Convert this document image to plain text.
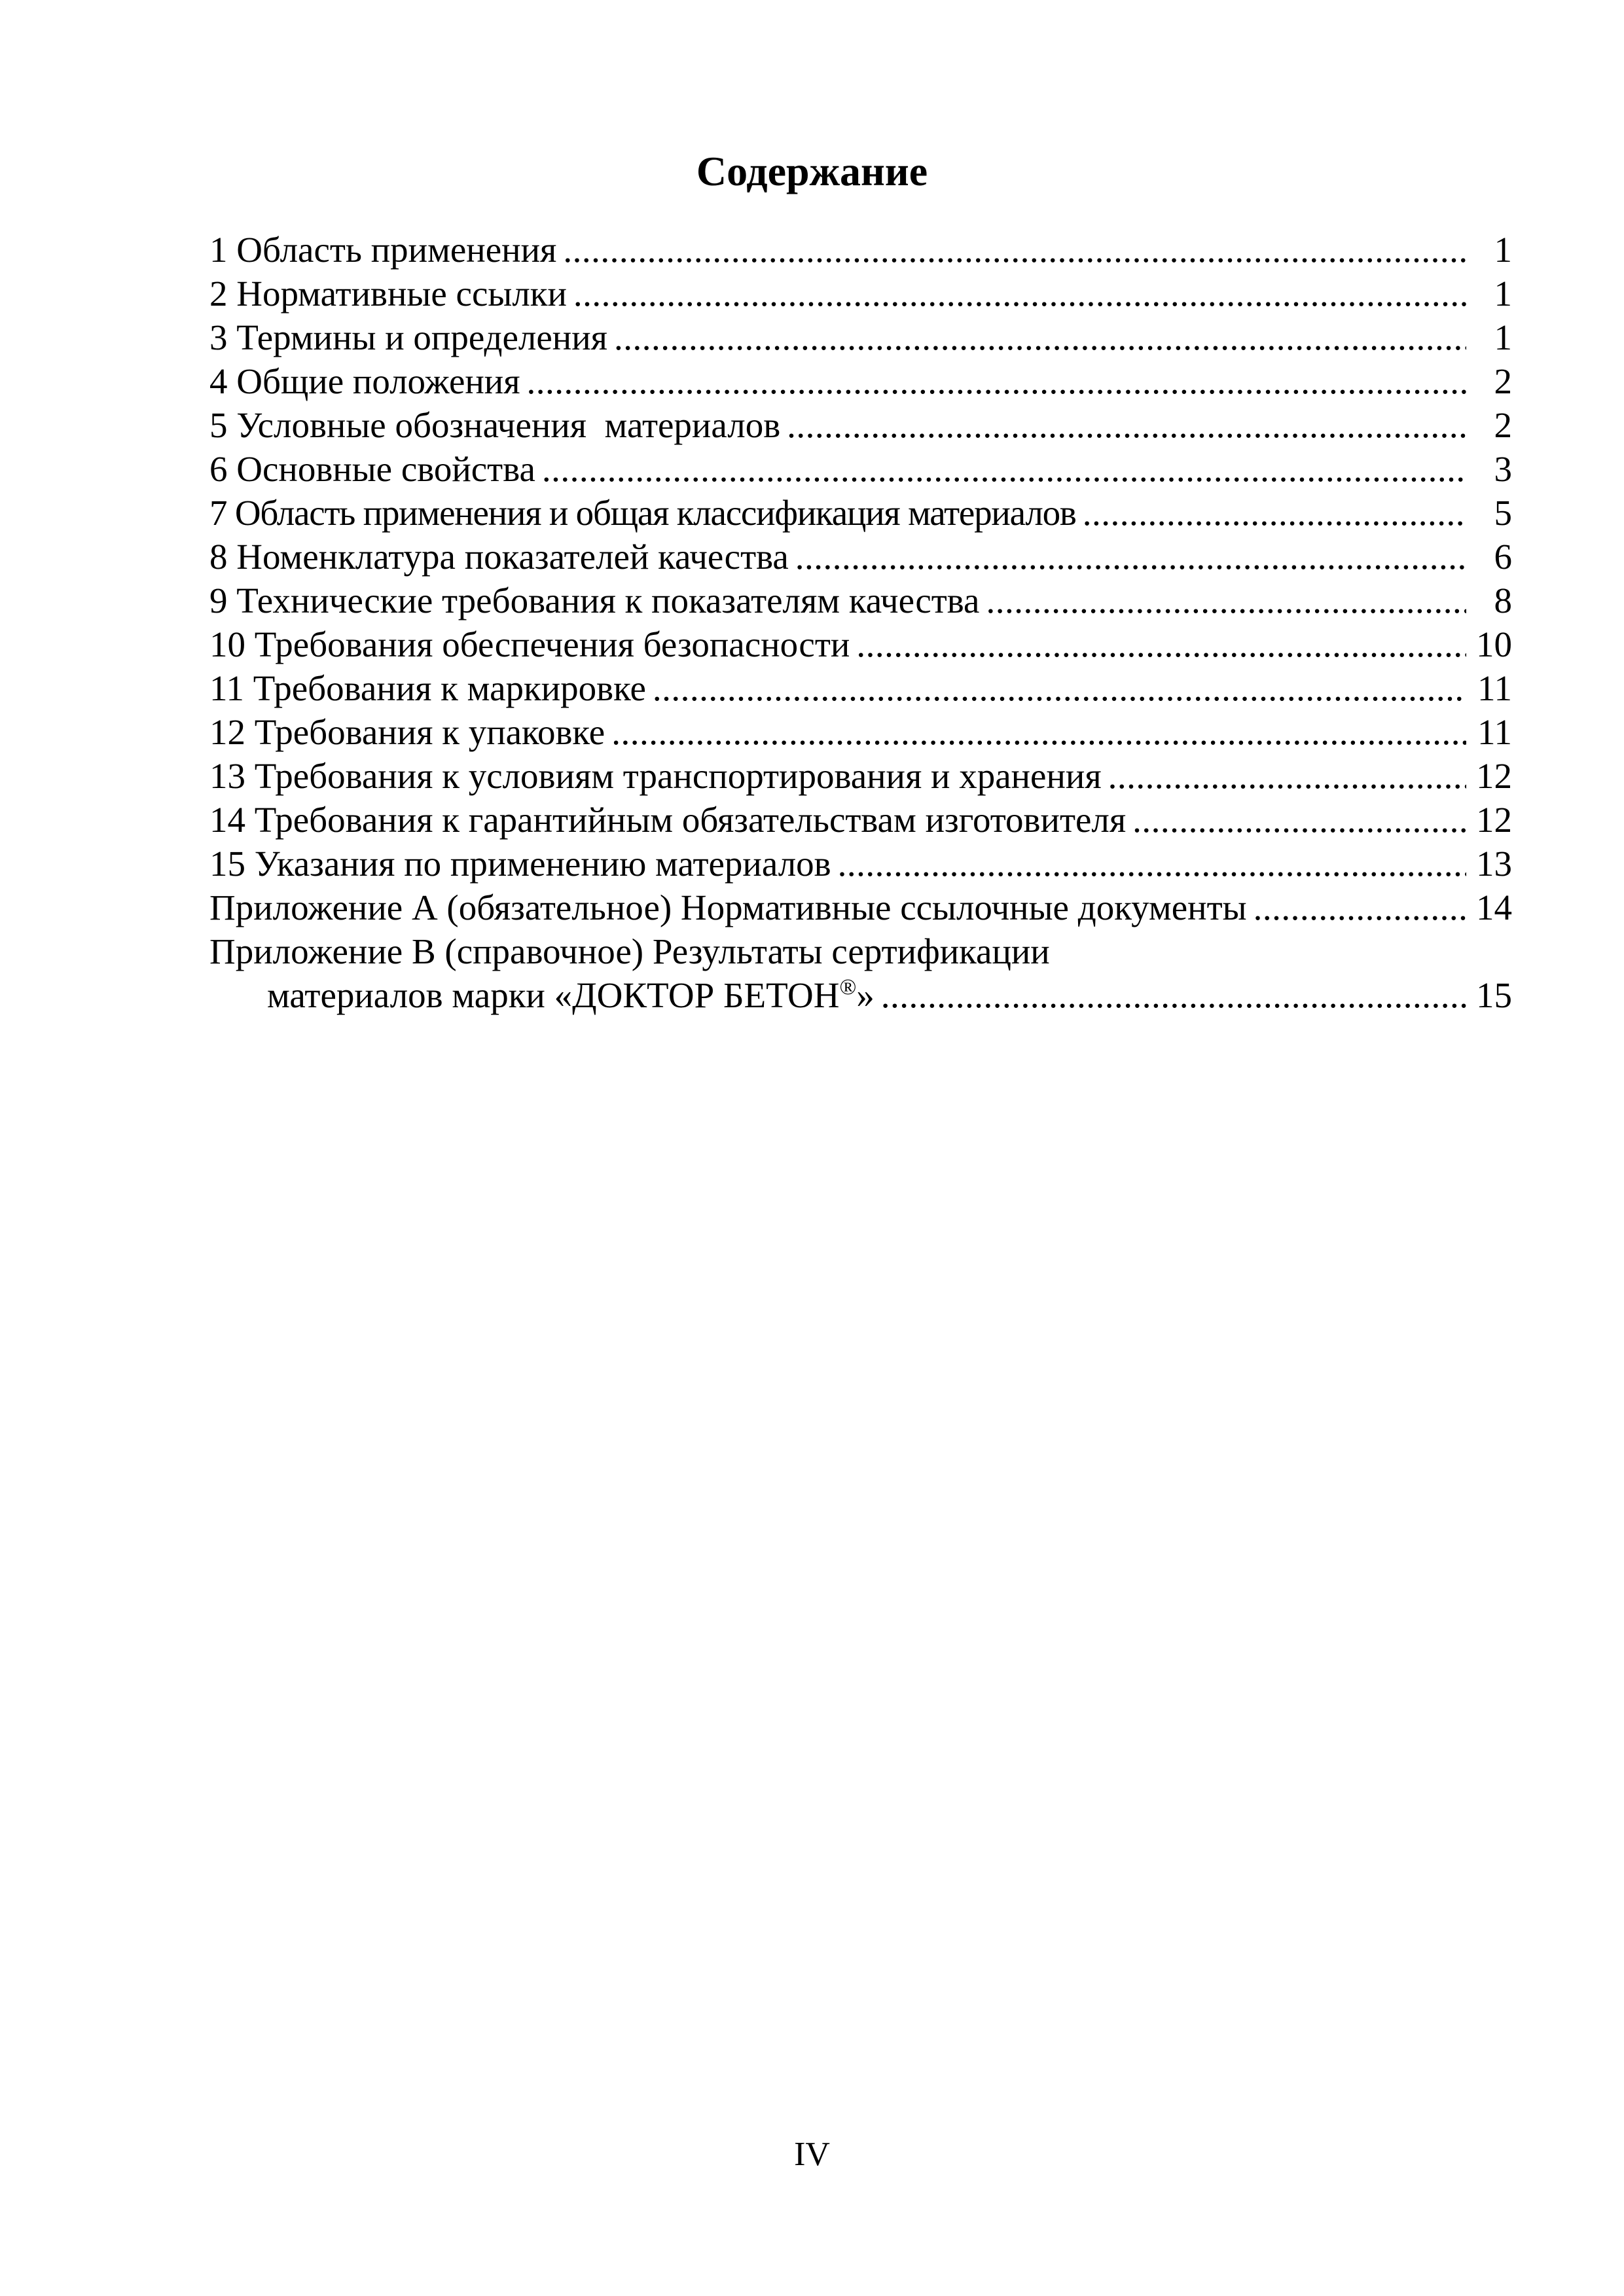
Содержание
1 Область применения .....	1
2 Нормативные ссылки .....	1
3 Термины и определения .....	1
4 Общие положения .....	2
5 Условные обозначения  материалов .....	2
6 Основные свойства .....	3
7 Область применения и общая классификация материалов .....	5
8 Номенклатура показателей качества .....	6
9 Технические требования к показателям качества .....	8
10 Требования обеспечения безопасности .....	10
11 Требования к маркировке .....	11
12 Требования к упаковке .....	11
13 Требования к условиям транспортирования и хранения .....	12
14 Требования к гарантийным обязательствам изготовителя .....	12
15 Указания по применению материалов .....	13
Приложение А (обязательное) Нормативные ссылочные документы .....	14
Приложение В (справочное) Результаты сертификации
материалов марки «ДОКТОР БЕТОН®» .....	15
IV
